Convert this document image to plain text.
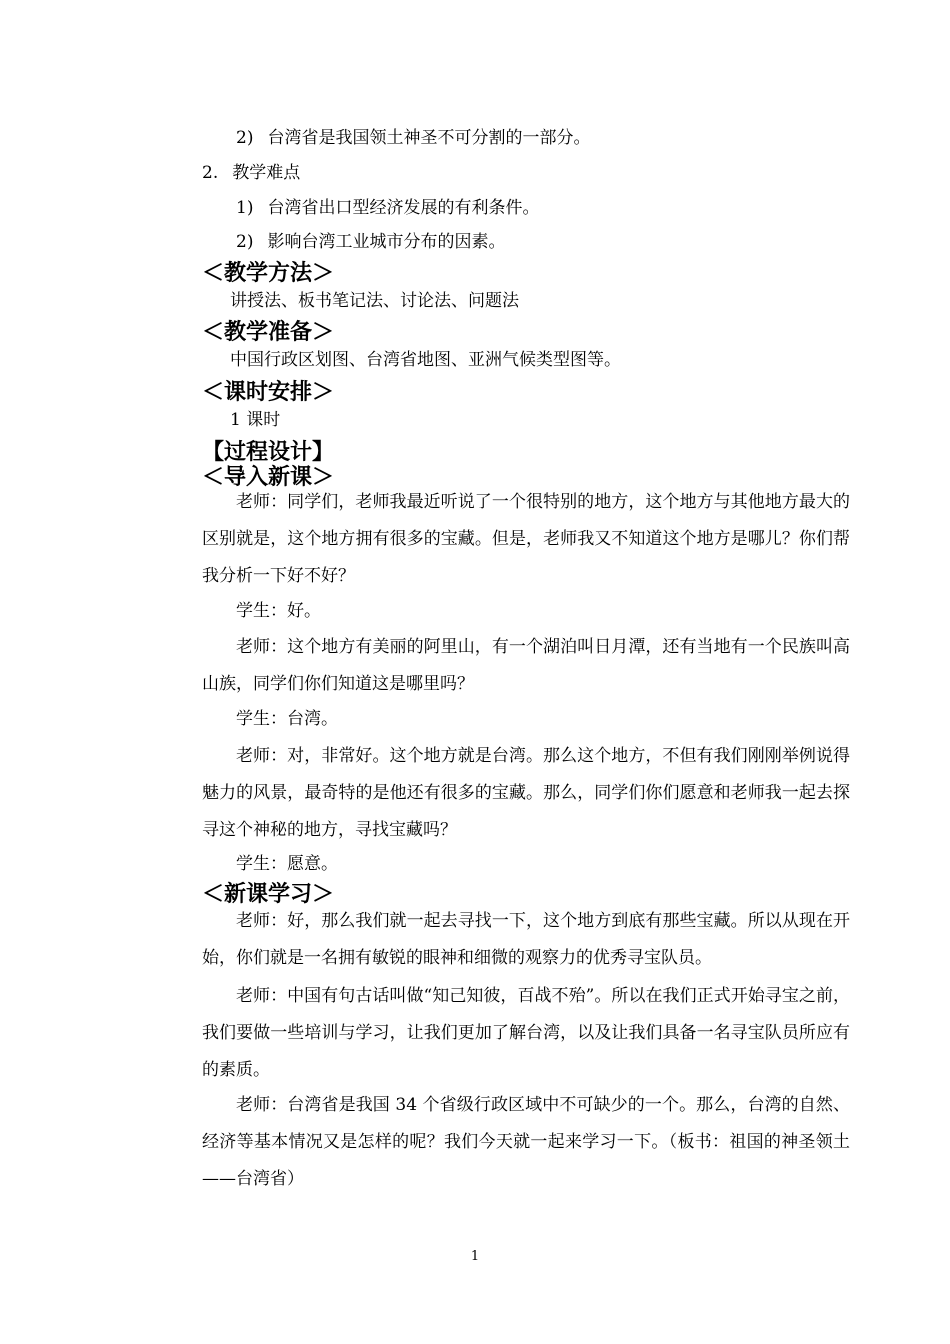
2) 台湾省是我国领土神圣不可分割的一部分。
2. 教学难点
1) 台湾省出口型经济发展的有利条件。
2) 影响台湾工业城市分布的因素。
＜教学方法＞
讲授法、板书笔记法、讨论法、问题法
＜教学准备＞
中国行政区划图、台湾省地图、亚洲气候类型图等。
＜课时安排＞
1 课时
【过程设计】
＜导入新课＞
老师：同学们，老师我最近听说了一个很特别的地方，这个地方与其他地方最大的区别就是，这个地方拥有很多的宝藏。但是，老师我又不知道这个地方是哪儿？你们帮我分析一下好不好？
学生：好。
老师：这个地方有美丽的阿里山，有一个湖泊叫日月潭，还有当地有一个民族叫高山族，同学们你们知道这是哪里吗？
学生：台湾。
老师：对，非常好。这个地方就是台湾。那么这个地方，不但有我们刚刚举例说得魅力的风景，最奇特的是他还有很多的宝藏。那么，同学们你们愿意和老师我一起去探寻这个神秘的地方，寻找宝藏吗？
学生：愿意。
＜新课学习＞
老师：好，那么我们就一起去寻找一下，这个地方到底有那些宝藏。所以从现在开始，你们就是一名拥有敏锐的眼神和细微的观察力的优秀寻宝队员。
老师：中国有句古话叫做“知己知彼，百战不殆”。所以在我们正式开始寻宝之前，我们要做一些培训与学习，让我们更加了解台湾，以及让我们具备一名寻宝队员所应有的素质。
老师：台湾省是我国 34 个省级行政区域中不可缺少的一个。那么，台湾的自然、经济等基本情况又是怎样的呢？我们今天就一起来学习一下。（板书：祖国的神圣领土——台湾省）
1
